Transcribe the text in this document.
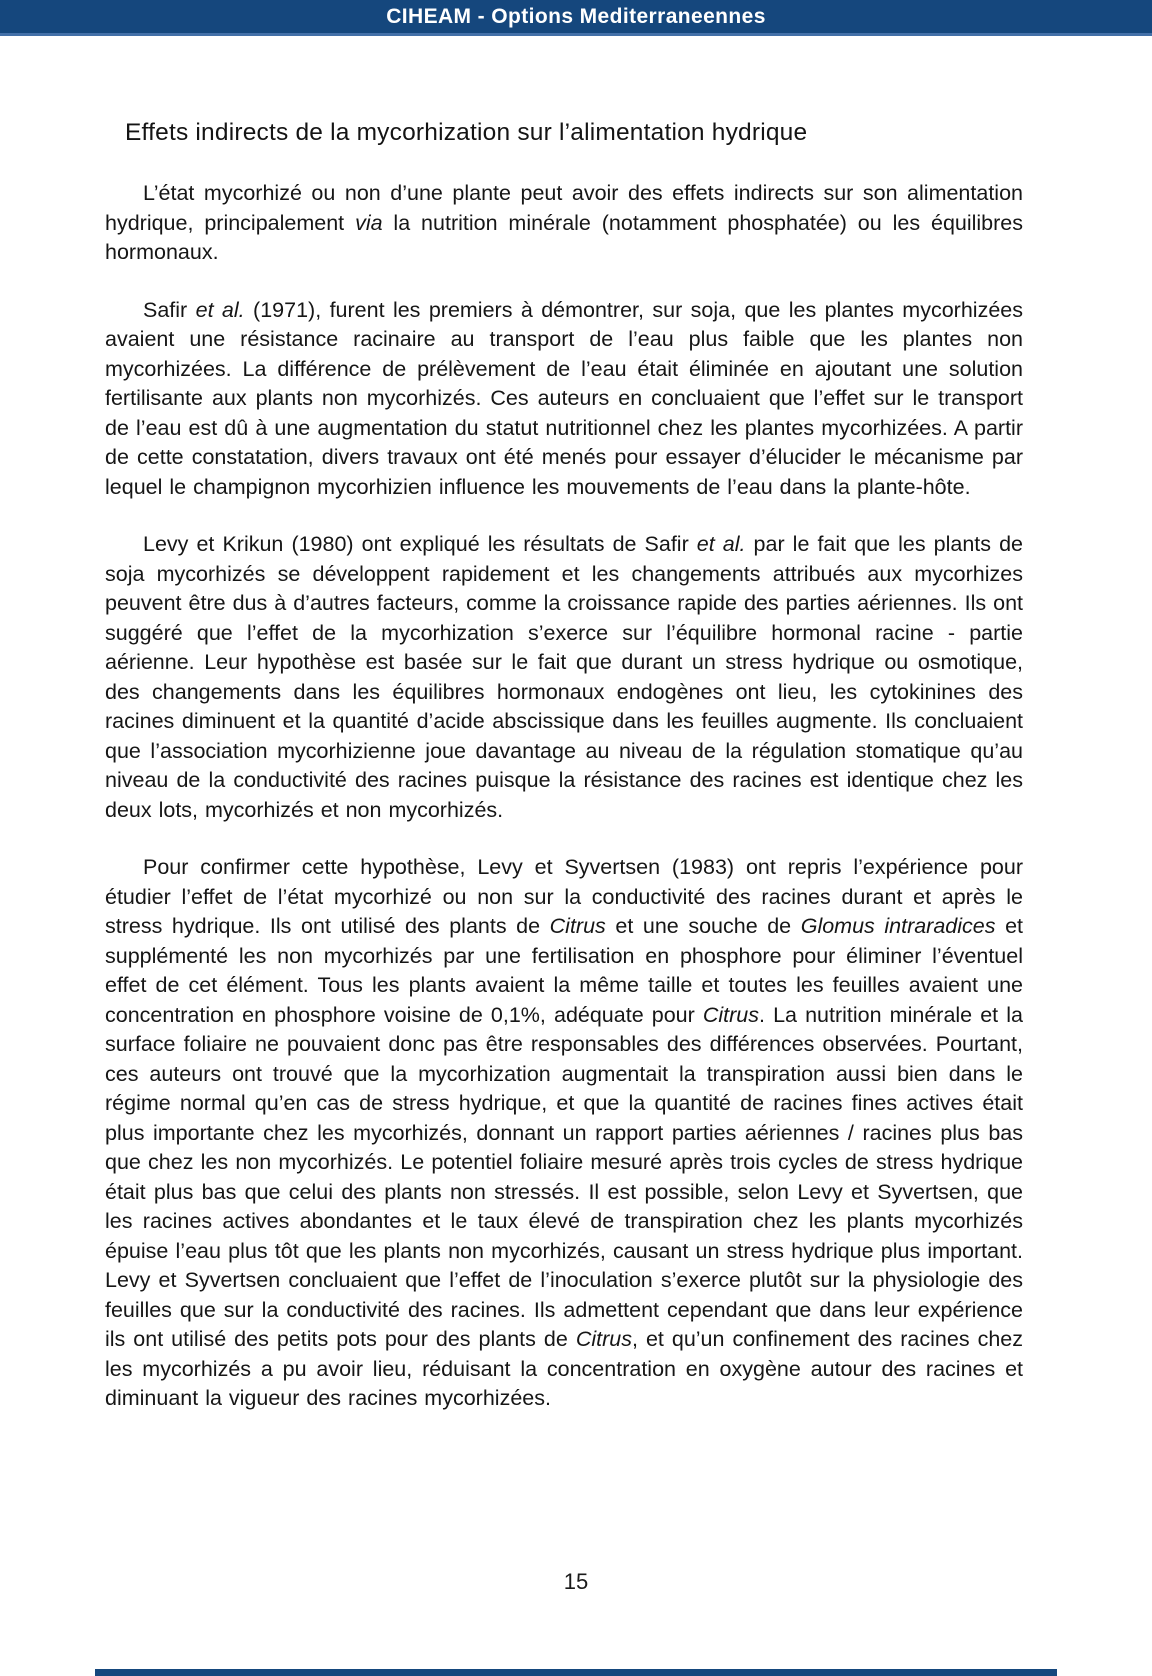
CIHEAM - Options Mediterraneennes
Effets indirects de la mycorhization sur l’alimentation hydrique

L’état mycorhizé ou non d’une plante peut avoir des effets indirects sur son alimentation hydrique, principalement via la nutrition minérale (notamment phosphatée) ou les équilibres hormonaux.

Safir et al. (1971), furent les premiers à démontrer, sur soja, que les plantes mycorhizées avaient une résistance racinaire au transport de l’eau plus faible que les plantes non mycorhizées. La différence de prélèvement de l’eau était éliminée en ajoutant une solution fertilisante aux plants non mycorhizés. Ces auteurs en concluaient que l’effet sur le transport de l’eau est dû à une augmentation du statut nutritionnel chez les plantes mycorhizées. A partir de cette constatation, divers travaux ont été menés pour essayer d’élucider le mécanisme par lequel le champignon mycorhizien influence les mouvements de l’eau dans la plante-hôte.

Levy et Krikun (1980) ont expliqué les résultats de Safir et al. par le fait que les plants de soja mycorhizés se développent rapidement et les changements attribués aux mycorhizes peuvent être dus à d’autres facteurs, comme la croissance rapide des parties aériennes. Ils ont suggéré que l’effet de la mycorhization s’exerce sur l’équilibre hormonal racine - partie aérienne. Leur hypothèse est basée sur le fait que durant un stress hydrique ou osmotique, des changements dans les équilibres hormonaux endogènes ont lieu, les cytokinines des racines diminuent et la quantité d’acide abscissique dans les feuilles augmente. Ils concluaient que l’association mycorhizienne joue davantage au niveau de la régulation stomatique qu’au niveau de la conductivité des racines puisque la résistance des racines est identique chez les deux lots, mycorhizés et non mycorhizés.

Pour confirmer cette hypothèse, Levy et Syvertsen (1983) ont repris l’expérience pour étudier l’effet de l’état mycorhizé ou non sur la conductivité des racines durant et après le stress hydrique. Ils ont utilisé des plants de Citrus et une souche de Glomus intraradices et supplémenté les non mycorhizés par une fertilisation en phosphore pour éliminer l’éventuel effet de cet élément. Tous les plants avaient la même taille et toutes les feuilles avaient une concentration en phosphore voisine de 0,1%, adéquate pour Citrus. La nutrition minérale et la surface foliaire ne pouvaient donc pas être responsables des différences observées. Pourtant, ces auteurs ont trouvé que la mycorhization augmentait la transpiration aussi bien dans le régime normal qu’en cas de stress hydrique, et que la quantité de racines fines actives était plus importante chez les mycorhizés, donnant un rapport parties aériennes / racines plus bas que chez les non mycorhizés. Le potentiel foliaire mesuré après trois cycles de stress hydrique était plus bas que celui des plants non stressés. Il est possible, selon Levy et Syvertsen, que les racines actives abondantes et le taux élevé de transpiration chez les plants mycorhizés épuise l’eau plus tôt que les plants non mycorhizés, causant un stress hydrique plus important. Levy et Syvertsen concluaient que l’effet de l’inoculation s’exerce plutôt sur la physiologie des feuilles que sur la conductivité des racines. Ils admettent cependant que dans leur expérience ils ont utilisé des petits pots pour des plants de Citrus, et qu’un confinement des racines chez les mycorhizés a pu avoir lieu, réduisant la concentration en oxygène autour des racines et diminuant la vigueur des racines mycorhizées.

15
